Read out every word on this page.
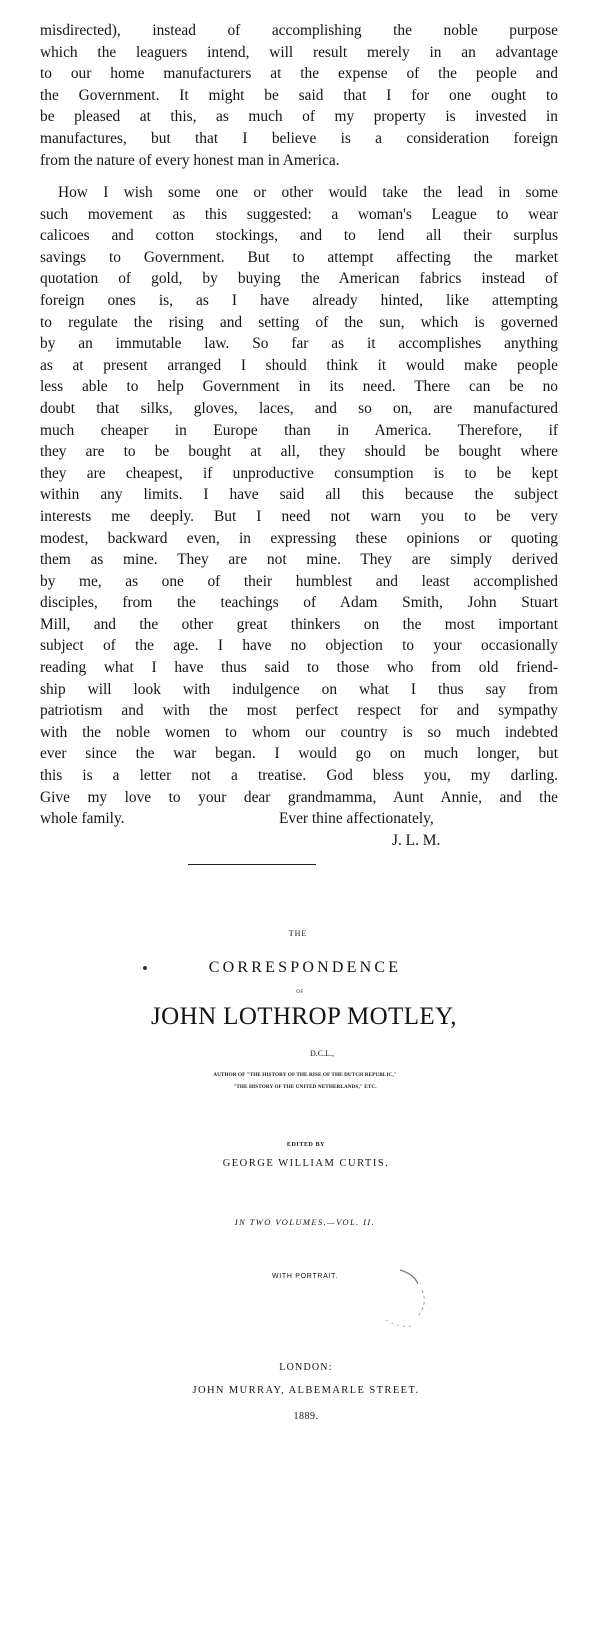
misdirected), instead of accomplishing the noble purpose
which the leaguers intend, will result merely in an advantage
to our home manufacturers at the expense of the people and
the Government. It might be said that I for one ought to
be pleased at this, as much of my property is invested in
manufactures, but that I believe is a consideration foreign
from the nature of every honest man in America.
How I wish some one or other would take the lead in some
such movement as this suggested: a woman's League to wear
calicoes and cotton stockings, and to lend all their surplus
savings to Government. But to attempt affecting the market
quotation of gold, by buying the American fabrics instead of
foreign ones is, as I have already hinted, like attempting
to regulate the rising and setting of the sun, which is governed
by an immutable law. So far as it accomplishes anything
as at present arranged I should think it would make people
less able to help Government in its need. There can be no
doubt that silks, gloves, laces, and so on, are manufactured
much cheaper in Europe than in America. Therefore, if
they are to be bought at all, they should be bought where
they are cheapest, if unproductive consumption is to be kept
within any limits. I have said all this because the subject
interests me deeply. But I need not warn you to be very
modest, backward even, in expressing these opinions or quoting
them as mine. They are not mine. They are simply derived
by me, as one of their humblest and least accomplished
disciples, from the teachings of Adam Smith, John Stuart
Mill, and the other great thinkers on the most important
subject of the age. I have no objection to your occasionally
reading what I have thus said to those who from old friend-
ship will look with indulgence on what I thus say from
patriotism and with the most perfect respect for and sympathy
with the noble women to whom our country is so much indebted
ever since the war began. I would go on much longer, but
this is a letter not a treatise. God bless you, my darling.
Give my love to your dear grandmamma, Aunt Annie, and the
whole family.	Ever thine affectionately,
J. L. M.
THE
CORRESPONDENCE
OF
JOHN LOTHROP MOTLEY,
D.C.L.,
AUTHOR OF "THE HISTORY OF THE RISE OF THE DUTCH REPUBLIC,"
"THE HISTORY OF THE UNITED NETHERLANDS," ETC.
EDITED BY
GEORGE WILLIAM CURTIS.
IN TWO VOLUMES.—VOL. II.
WITH PORTRAIT.
LONDON:
JOHN MURRAY, ALBEMARLE STREET.
1889.
